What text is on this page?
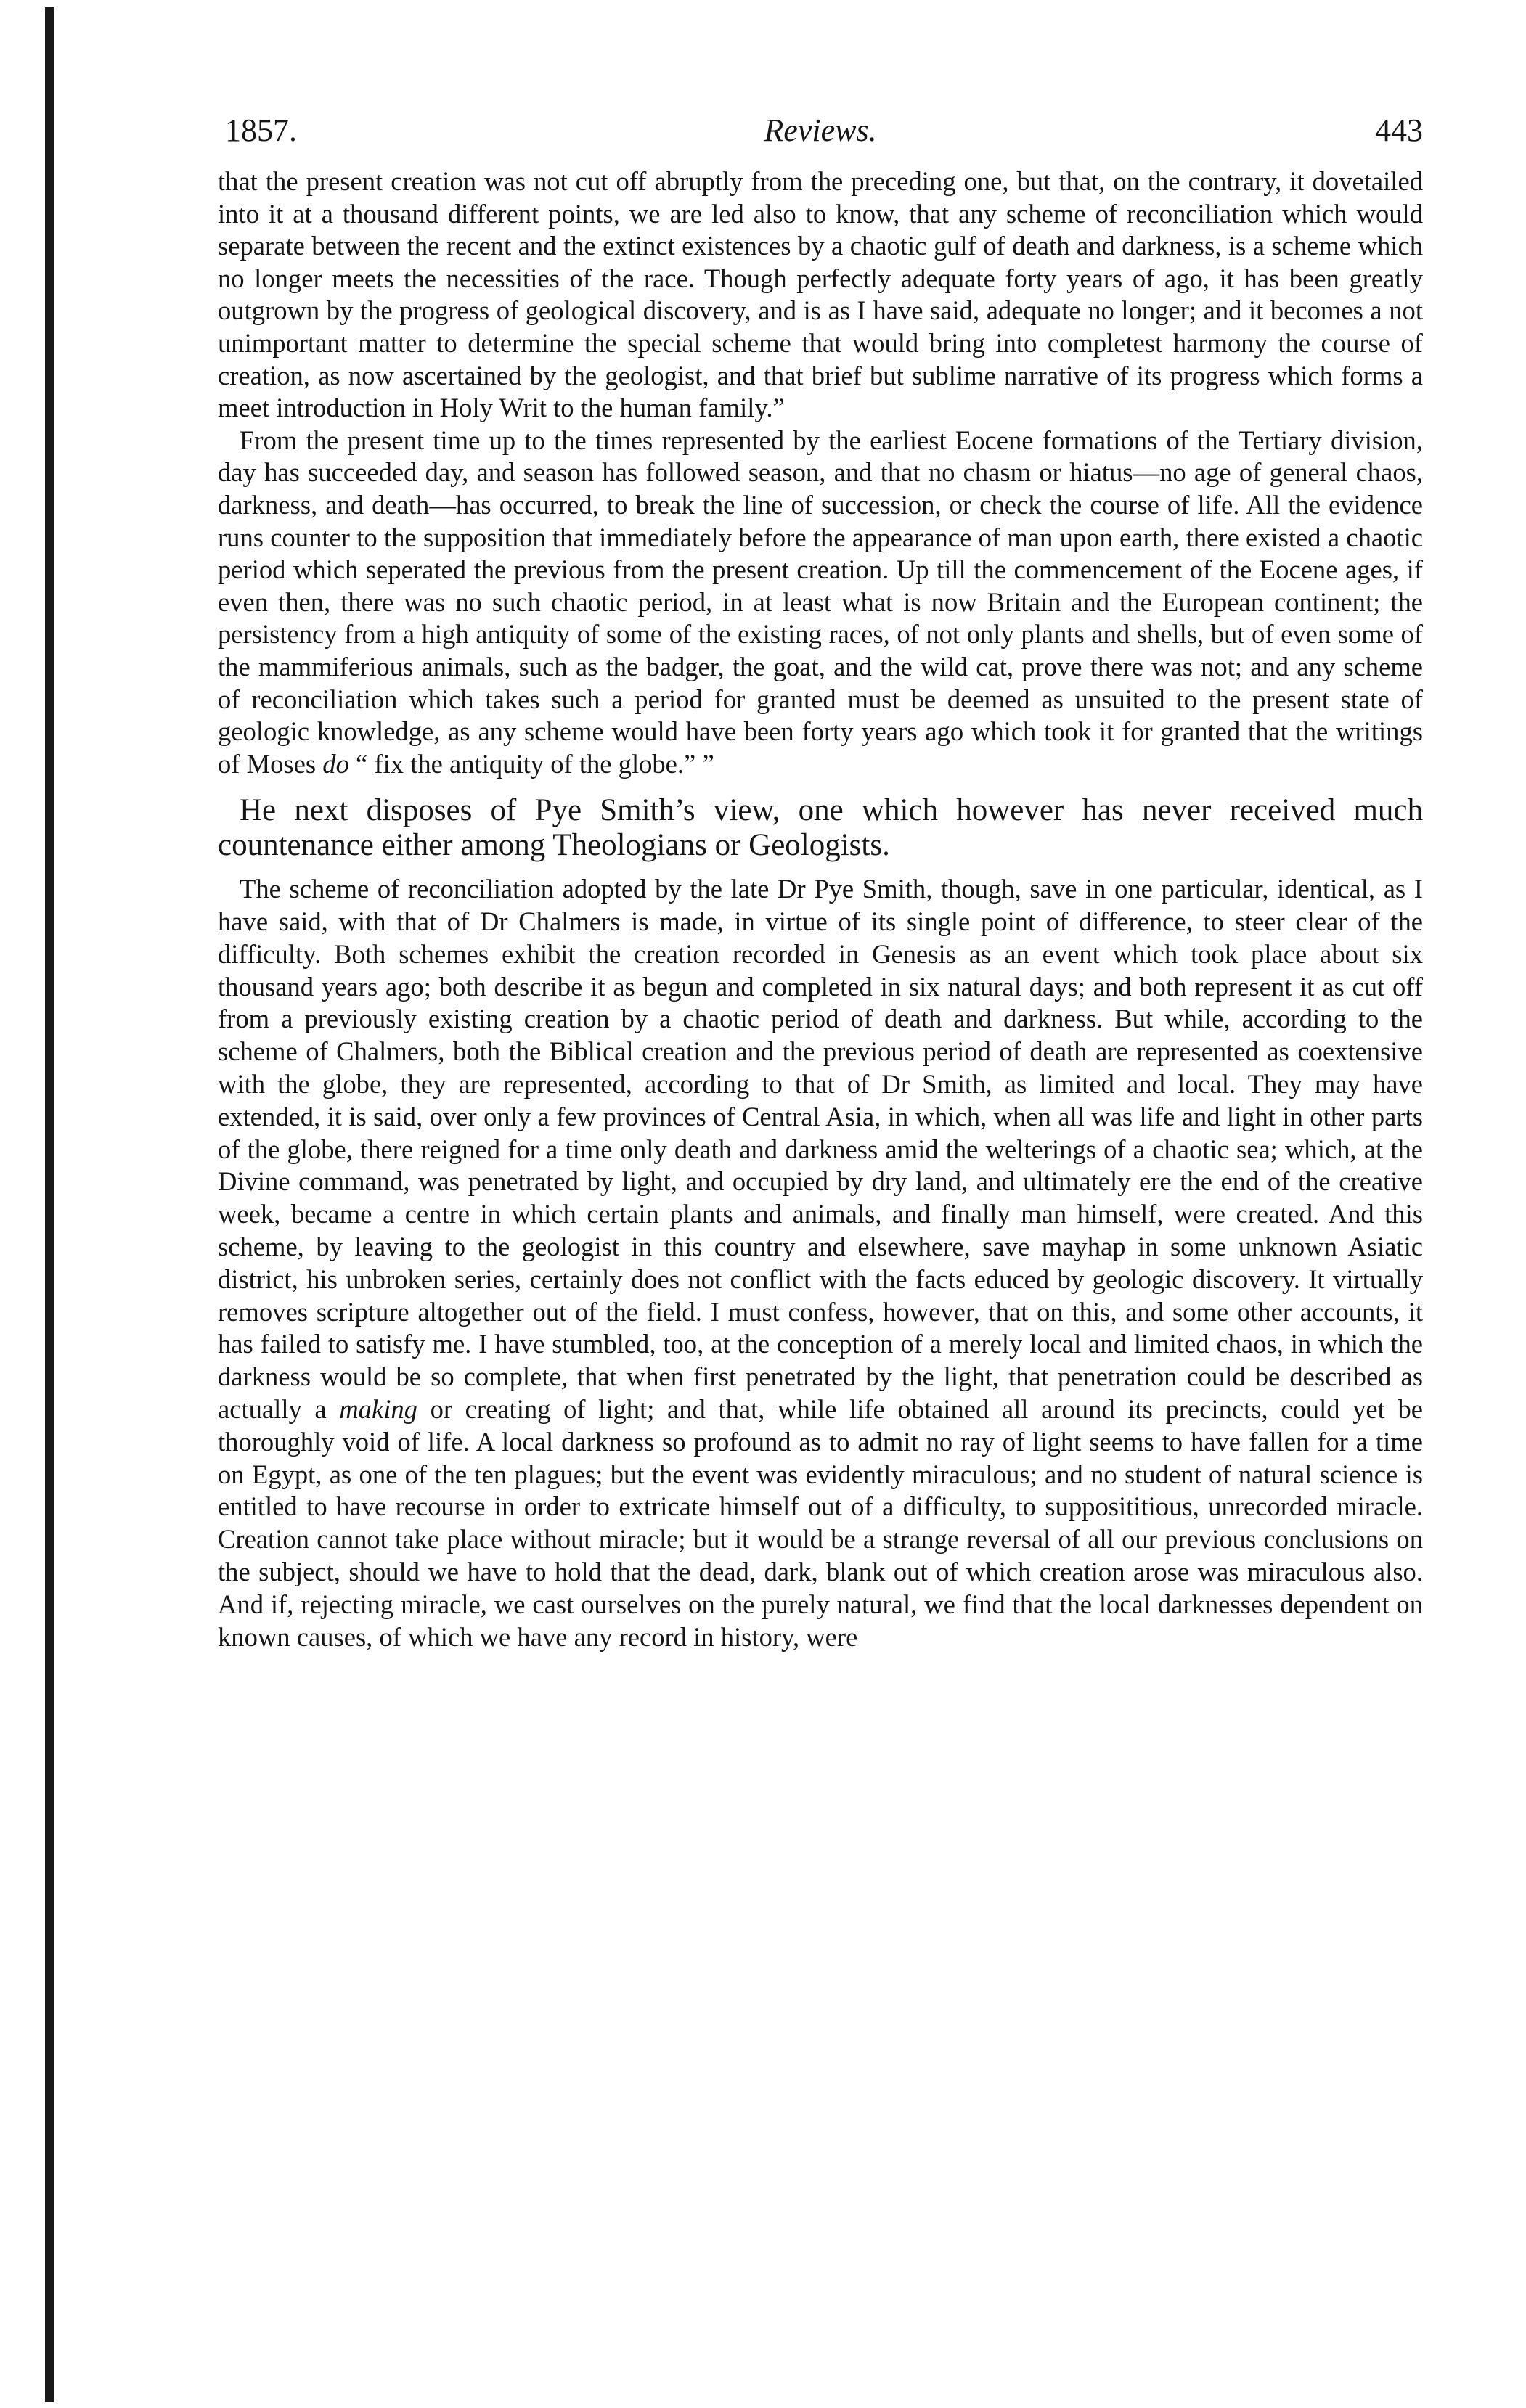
1857.	Reviews.	443

that the present creation was not cut off abruptly from the preceding one, but that, on the contrary, it dovetailed into it at a thousand different points, we are led also to know, that any scheme of reconciliation which would separate between the recent and the extinct existences by a chaotic gulf of death and darkness, is a scheme which no longer meets the necessities of the race. Though perfectly adequate forty years of ago, it has been greatly outgrown by the progress of geological discovery, and is as I have said, adequate no longer; and it becomes a not unimportant matter to determine the special scheme that would bring into completest harmony the course of creation, as now ascertained by the geologist, and that brief but sublime narrative of its progress which forms a meet introduction in Holy Writ to the human family.”

From the present time up to the times represented by the earliest Eocene formations of the Tertiary division, day has succeeded day, and season has followed season, and that no chasm or hiatus—no age of general chaos, darkness, and death—has occurred, to break the line of succession, or check the course of life. All the evidence runs counter to the supposition that immediately before the appearance of man upon earth, there existed a chaotic period which seperated the previous from the present creation. Up till the commencement of the Eocene ages, if even then, there was no such chaotic period, in at least what is now Britain and the European continent; the persistency from a high antiquity of some of the existing races, of not only plants and shells, but of even some of the mammiferious animals, such as the badger, the goat, and the wild cat, prove there was not; and any scheme of reconciliation which takes such a period for granted must be deemed as unsuited to the present state of geologic knowledge, as any scheme would have been forty years ago which took it for granted that the writings of Moses do “ fix the antiquity of the globe.” ”

He next disposes of Pye Smith’s view, one which however has never received much countenance either among Theologians or Geologists.

The scheme of reconciliation adopted by the late Dr Pye Smith, though, save in one particular, identical, as I have said, with that of Dr Chalmers is made, in virtue of its single point of difference, to steer clear of the difficulty. Both schemes exhibit the creation recorded in Genesis as an event which took place about six thousand years ago; both describe it as begun and completed in six natural days; and both represent it as cut off from a previously existing creation by a chaotic period of death and darkness. But while, according to the scheme of Chalmers, both the Biblical creation and the previous period of death are represented as coextensive with the globe, they are represented, according to that of Dr Smith, as limited and local. They may have extended, it is said, over only a few provinces of Central Asia, in which, when all was life and light in other parts of the globe, there reigned for a time only death and darkness amid the welterings of a chaotic sea; which, at the Divine command, was penetrated by light, and occupied by dry land, and ultimately ere the end of the creative week, became a centre in which certain plants and animals, and finally man himself, were created. And this scheme, by leaving to the geologist in this country and elsewhere, save mayhap in some unknown Asiatic district, his unbroken series, certainly does not conflict with the facts educed by geologic discovery. It virtually removes scripture altogether out of the field. I must confess, however, that on this, and some other accounts, it has failed to satisfy me. I have stumbled, too, at the conception of a merely local and limited chaos, in which the darkness would be so complete, that when first penetrated by the light, that penetration could be described as actually a making or creating of light; and that, while life obtained all around its precincts, could yet be thoroughly void of life. A local darkness so profound as to admit no ray of light seems to have fallen for a time on Egypt, as one of the ten plagues; but the event was evidently miraculous; and no student of natural science is entitled to have recourse in order to extricate himself out of a difficulty, to supposititious, unrecorded miracle. Creation cannot take place without miracle; but it would be a strange reversal of all our previous conclusions on the subject, should we have to hold that the dead, dark, blank out of which creation arose was miraculous also. And if, rejecting miracle, we cast ourselves on the purely natural, we find that the local darknesses dependent on known causes, of which we have any record in history, were
